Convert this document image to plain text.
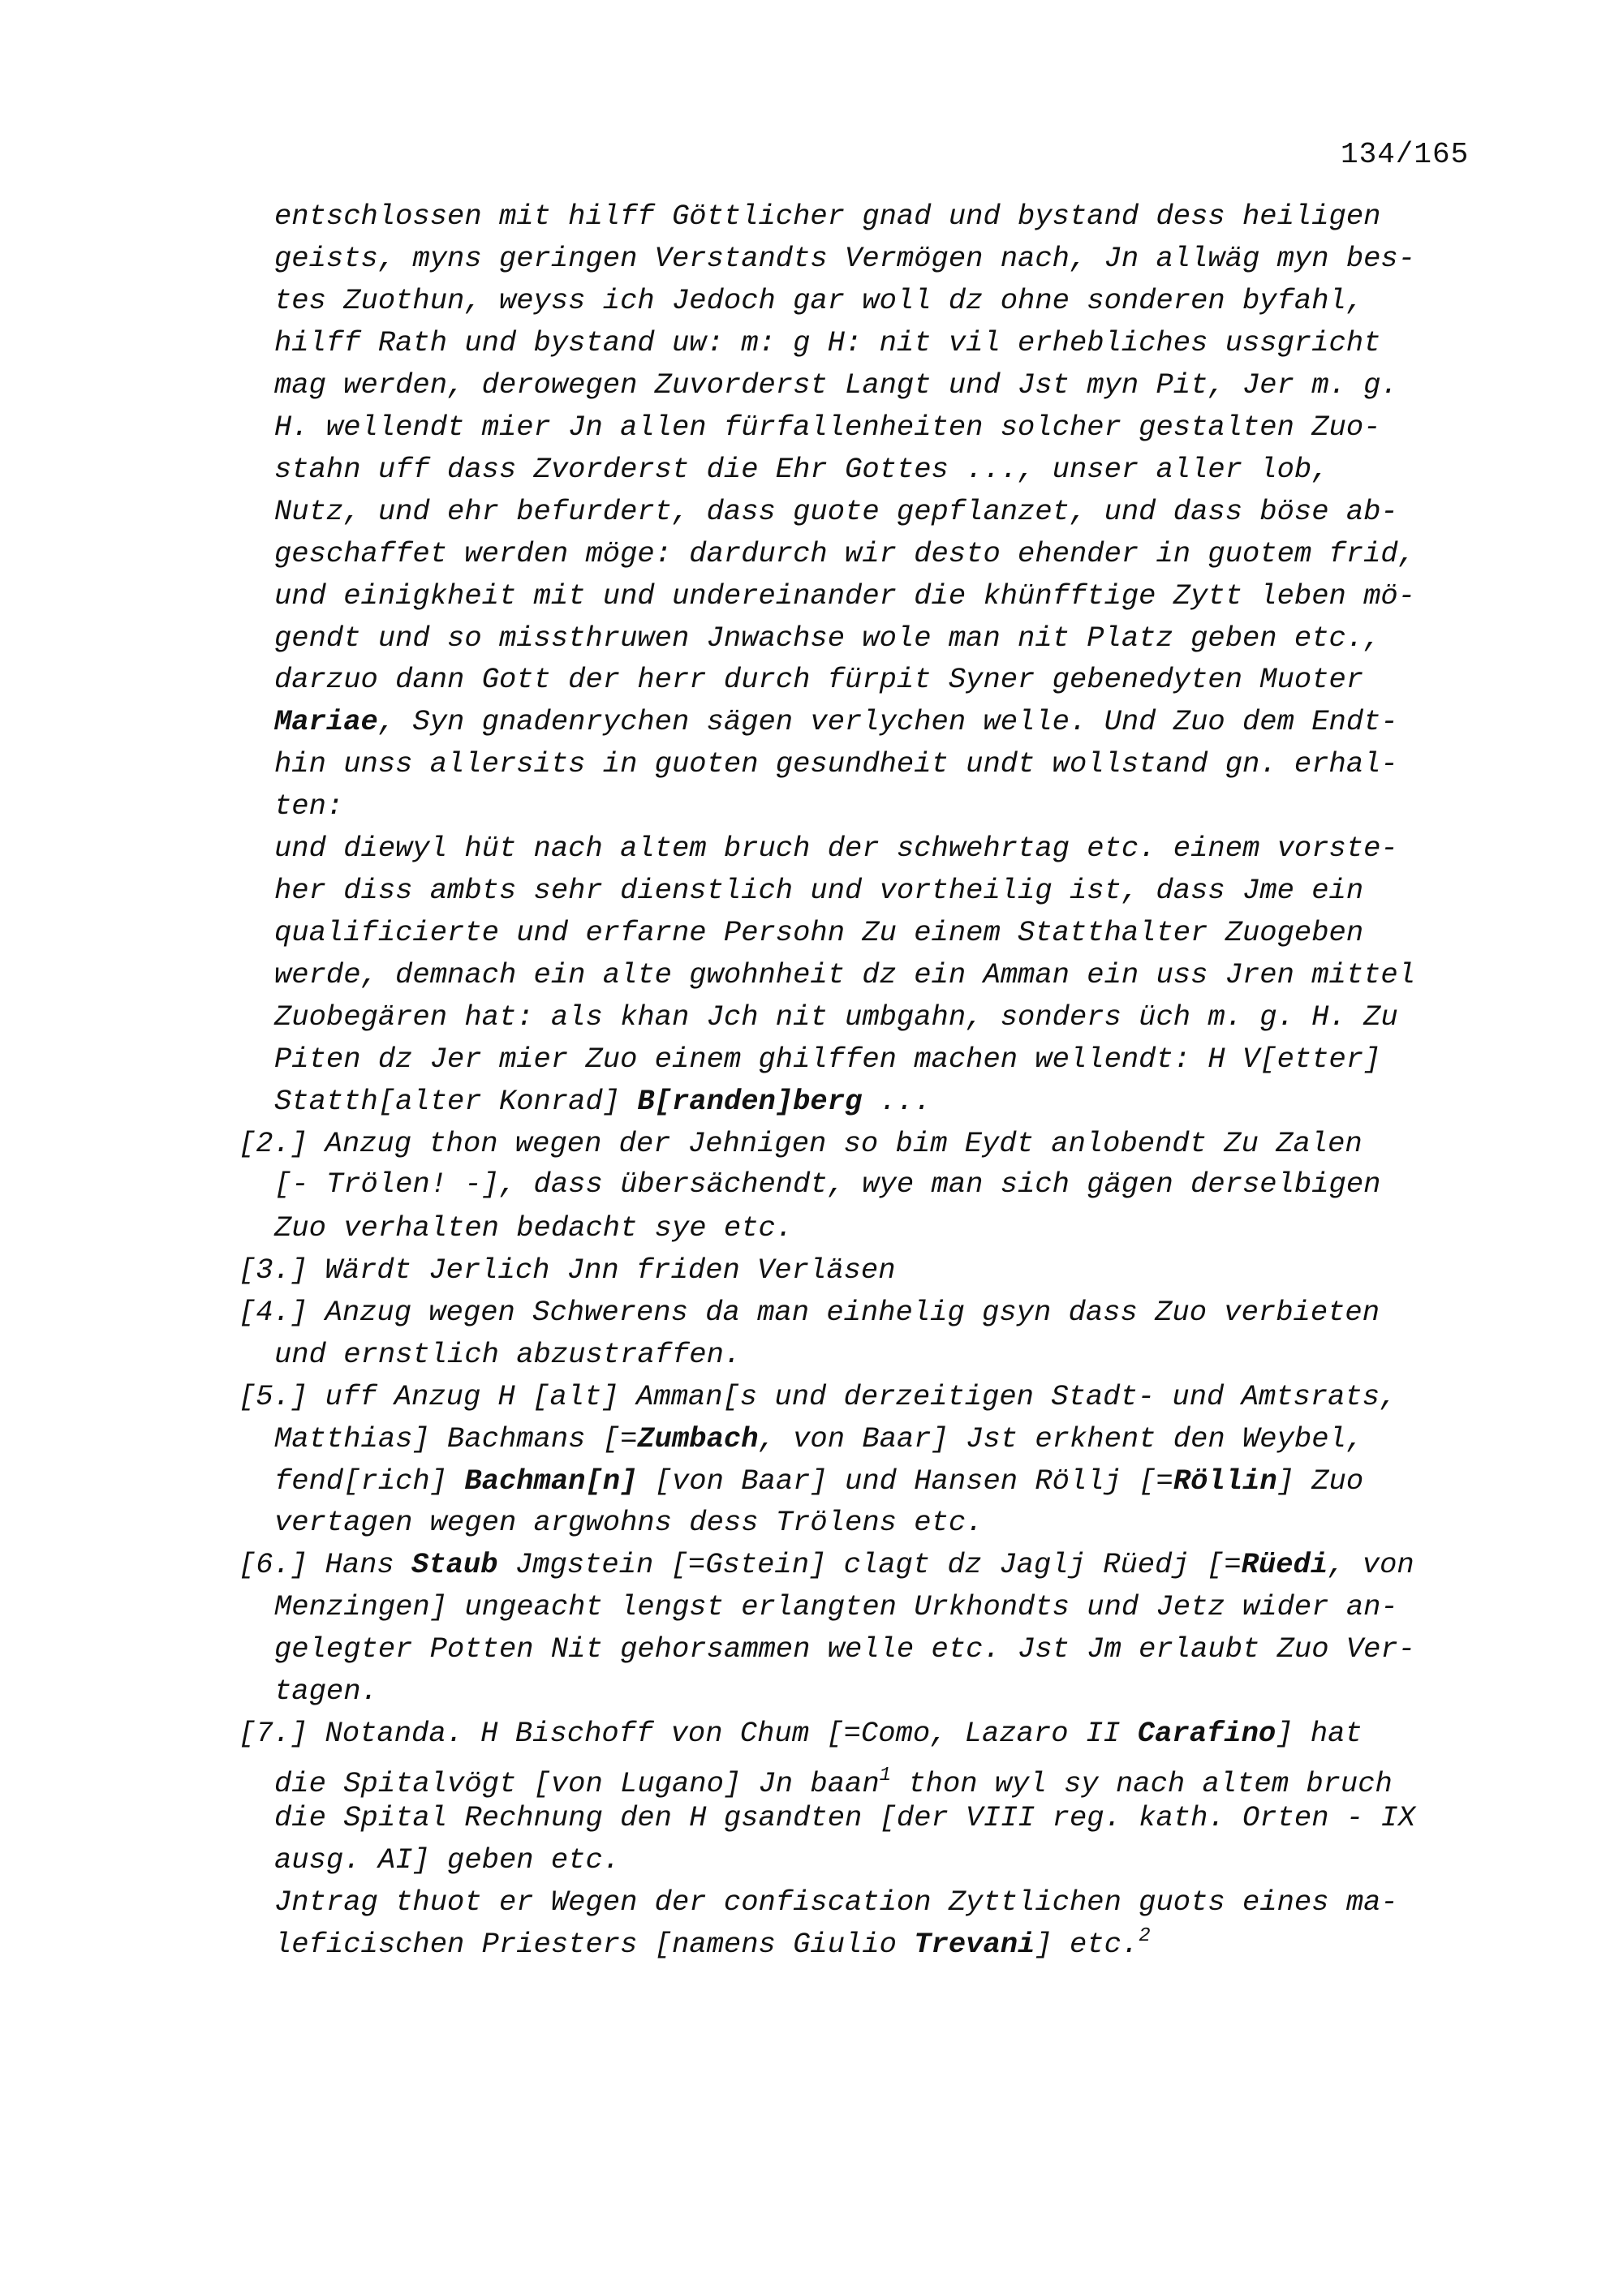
134/165
entschlossen mit hilff Göttlicher gnad und bystand dess heiligen
geists, myns geringen Verstandts Vermögen nach, Jn allwäg myn bes-
tes Zuothun, weyss ich Jedoch gar woll dz ohne sonderen byfahl,
hilff Rath und bystand uw: m: g H: nit vil erhebliches ussgricht
mag werden, derowegen Zuvorderst Langt und Jst myn Pit, Jer m. g.
H. wellendt mier Jn allen fürfallenheiten solcher gestalten Zuo-
stahn uff dass Zvorderst die Ehr Gottes ..., unser aller lob,
Nutz, und ehr befurdert, dass guote gepflanzet, und dass böse ab-
geschaffet werden möge: dardurch wir desto ehender in guotem frid,
und einigkheit mit und undereinander die khünfftige Zytt leben mö-
gendt und so missthruwen Jnwachse wole man nit Platz geben etc.,
darzuo dann Gott der herr durch fürpit Syner gebenedyten Muoter
Mariae, Syn gnadenrychen sägen verlychen welle. Und Zuo dem Endt-
hin unss allersits in guoten gesundheit undt wollstand gn. erhal-
ten:
und diewyl hüt nach altem bruch der schwehrtag etc. einem vorste-
her diss ambts sehr dienstlich und vortheilig ist, dass Jme ein
qualificierte und erfarne Persohn Zu einem Statthalter Zuogeben
werde, demnach ein alte gwohnheit dz ein Amman ein uss Jren mittel
Zuobegären hat: als khan Jch nit umbgahn, sonders üch m. g. H. Zu
Piten dz Jer mier Zuo einem ghilffen machen wellendt: H V[etter]
Statth[alter Konrad] B[randen]berg ...
[2.] Anzug thon wegen der Jehnigen so bim Eydt anlobendt Zu Zalen
[- Trölen! -], dass übersächendt, wye man sich gägen derselbigen
Zuo verhalten bedacht sye etc.
[3.] Wärdt Jerlich Jnn friden Verläsen
[4.] Anzug wegen Schwerens da man einhelig gsyn dass Zuo verbieten
und ernstlich abzustraffen.
[5.] uff Anzug H [alt] Amman[s und derzeitigen Stadt- und Amtsrats,
Matthias] Bachmans [=Zumbach, von Baar] Jst erkhent den Weybel,
fend[rich] Bachman[n] [von Baar] und Hansen Röllj [=Röllin] Zuo
vertagen wegen argwohns dess Trölens etc.
[6.] Hans Staub Jmgstein [=Gstein] clagt dz Jaglj Rüedj [=Rüedi, von
Menzingen] ungeacht lengst erlangten Urkhondts und Jetz wider an-
gelegter Potten Nit gehorsammen welle etc. Jst Jm erlaubt Zuo Ver-
tagen.
[7.] Notanda. H Bischoff von Chum [=Como, Lazaro II Carafino] hat
die Spitalvögt [von Lugano] Jn baan$^1$ thon wyl sy nach altem bruch
die Spital Rechnung den H gsandten [der VIII reg. kath. Orten - IX
ausg. AI] geben etc.
Jntrag thuot er Wegen der confiscation Zyttlichen guots eines ma-
leficischen Priesters [namens Giulio Trevani] etc.$^2$
